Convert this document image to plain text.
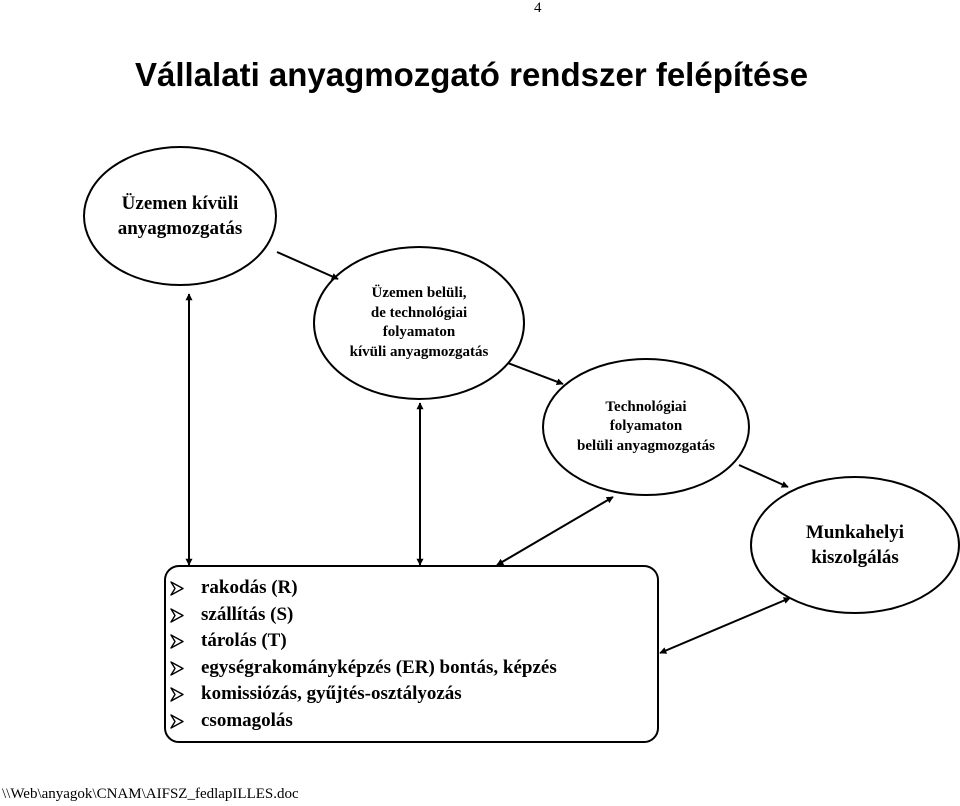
4
Vállalati anyagmozgató rendszer felépítése
Üzemen kívüli
anyagmozgatás
Üzemen belüli,
de technológiai
folyamaton
kívüli anyagmozgatás
Technológiai
folyamaton
belüli anyagmozgatás
Munkahelyi
kiszolgálás
rakodás (R)
szállítás (S)
tárolás (T)
egységrakományképzés (ER) bontás, képzés
komissiózás, gyűjtés-osztályozás
csomagolás
\\Web\anyagok\CNAM\AIFSZ_fedlapILLES.doc
